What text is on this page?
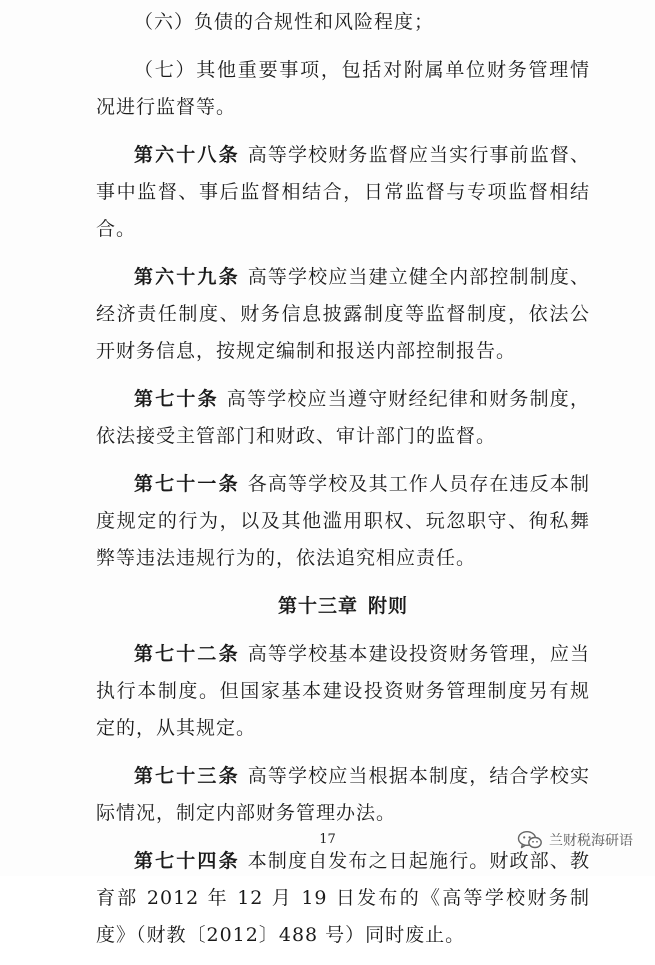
（六）负债的合规性和风险程度；

（七）其他重要事项，包括对附属单位财务管理情况进行监督等。

第六十八条 高等学校财务监督应当实行事前监督、事中监督、事后监督相结合，日常监督与专项监督相结合。

第六十九条 高等学校应当建立健全内部控制制度、经济责任制度、财务信息披露制度等监督制度，依法公开财务信息，按规定编制和报送内部控制报告。

第七十条 高等学校应当遵守财经纪律和财务制度，依法接受主管部门和财政、审计部门的监督。

第七十一条 各高等学校及其工作人员存在违反本制度规定的行为，以及其他滥用职权、玩忽职守、徇私舞弊等违法违规行为的，依法追究相应责任。

第十三章 附则

第七十二条 高等学校基本建设投资财务管理，应当执行本制度。但国家基本建设投资财务管理制度另有规定的，从其规定。

第七十三条 高等学校应当根据本制度，结合学校实际情况，制定内部财务管理办法。

第七十四条 本制度自发布之日起施行。财政部、教育部 2012 年 12 月 19 日发布的《高等学校财务制度》（财教〔2012〕488 号）同时废止。

17	兰财税海研语
